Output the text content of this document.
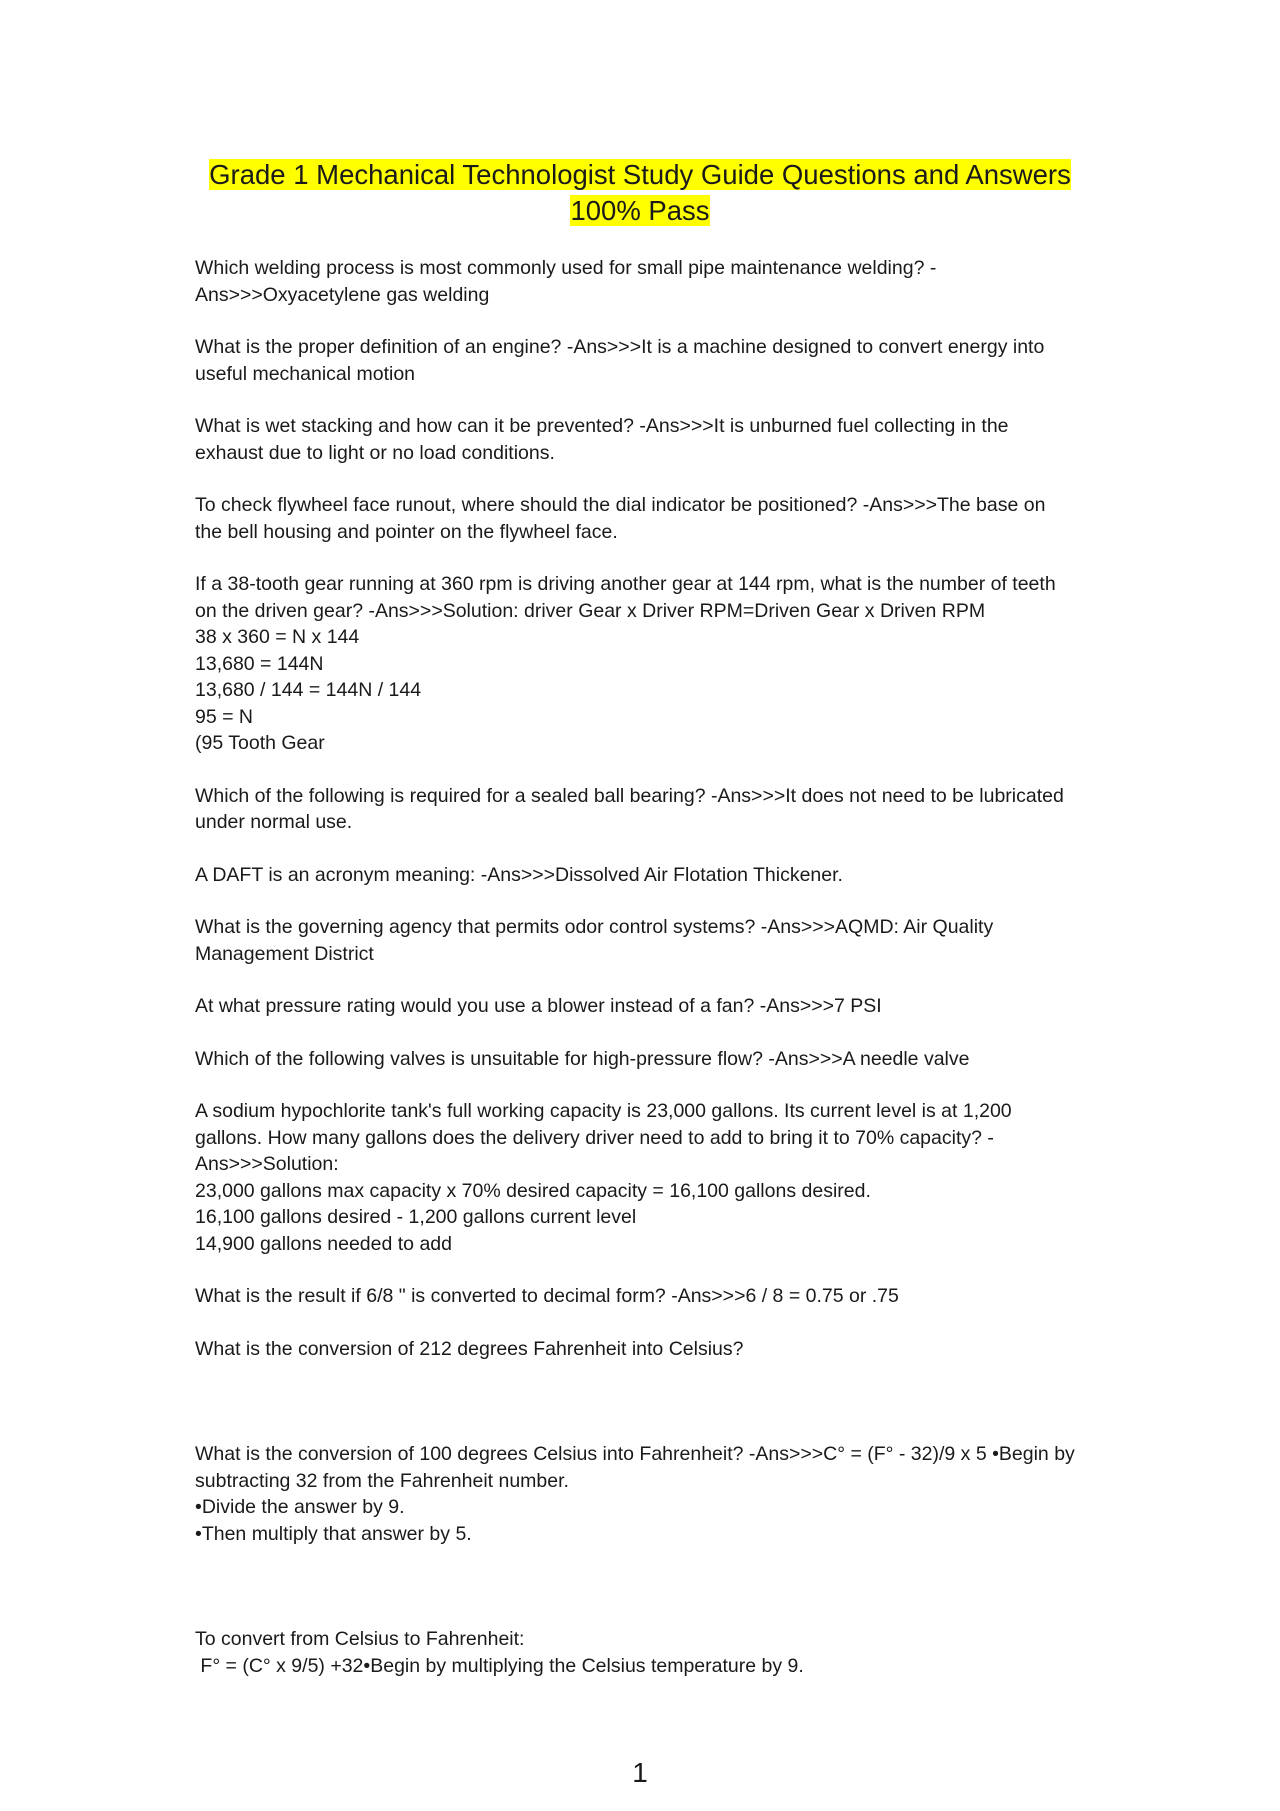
Grade 1 Mechanical Technologist Study Guide Questions and Answers
100% Pass
Which welding process is most commonly used for small pipe maintenance welding? -
Ans>>>Oxyacetylene gas welding
What is the proper definition of an engine? -Ans>>>It is a machine designed to convert energy into
useful mechanical motion
What is wet stacking and how can it be prevented? -Ans>>>It is unburned fuel collecting in the
exhaust due to light or no load conditions.
To check flywheel face runout, where should the dial indicator be positioned? -Ans>>>The base on
the bell housing and pointer on the flywheel face.
If a 38-tooth gear running at 360 rpm is driving another gear at 144 rpm, what is the number of teeth
on the driven gear? -Ans>>>Solution: driver Gear x Driver RPM=Driven Gear x Driven RPM
38 x 360 = N x 144
13,680 = 144N
13,680 / 144 = 144N / 144
95 = N
(95 Tooth Gear
Which of the following is required for a sealed ball bearing? -Ans>>>It does not need to be lubricated
under normal use.
A DAFT is an acronym meaning: -Ans>>>Dissolved Air Flotation Thickener.
What is the governing agency that permits odor control systems? -Ans>>>AQMD: Air Quality
Management District
At what pressure rating would you use a blower instead of a fan? -Ans>>>7 PSI
Which of the following valves is unsuitable for high-pressure flow? -Ans>>>A needle valve
A sodium hypochlorite tank's full working capacity is 23,000 gallons. Its current level is at 1,200
gallons. How many gallons does the delivery driver need to add to bring it to 70% capacity? -
Ans>>>Solution:
23,000 gallons max capacity x 70% desired capacity = 16,100 gallons desired.
16,100 gallons desired - 1,200 gallons current level
14,900 gallons needed to add
What is the result if 6/8 " is converted to decimal form? -Ans>>>6 / 8 = 0.75 or .75
What is the conversion of 212 degrees Fahrenheit into Celsius?
What is the conversion of 100 degrees Celsius into Fahrenheit? -Ans>>>C° = (F° - 32)/9 x 5 •Begin by
subtracting 32 from the Fahrenheit number.
•Divide the answer by 9.
•Then multiply that answer by 5.
To convert from Celsius to Fahrenheit:
F° = (C° x 9/5) +32•Begin by multiplying the Celsius temperature by 9.
1
